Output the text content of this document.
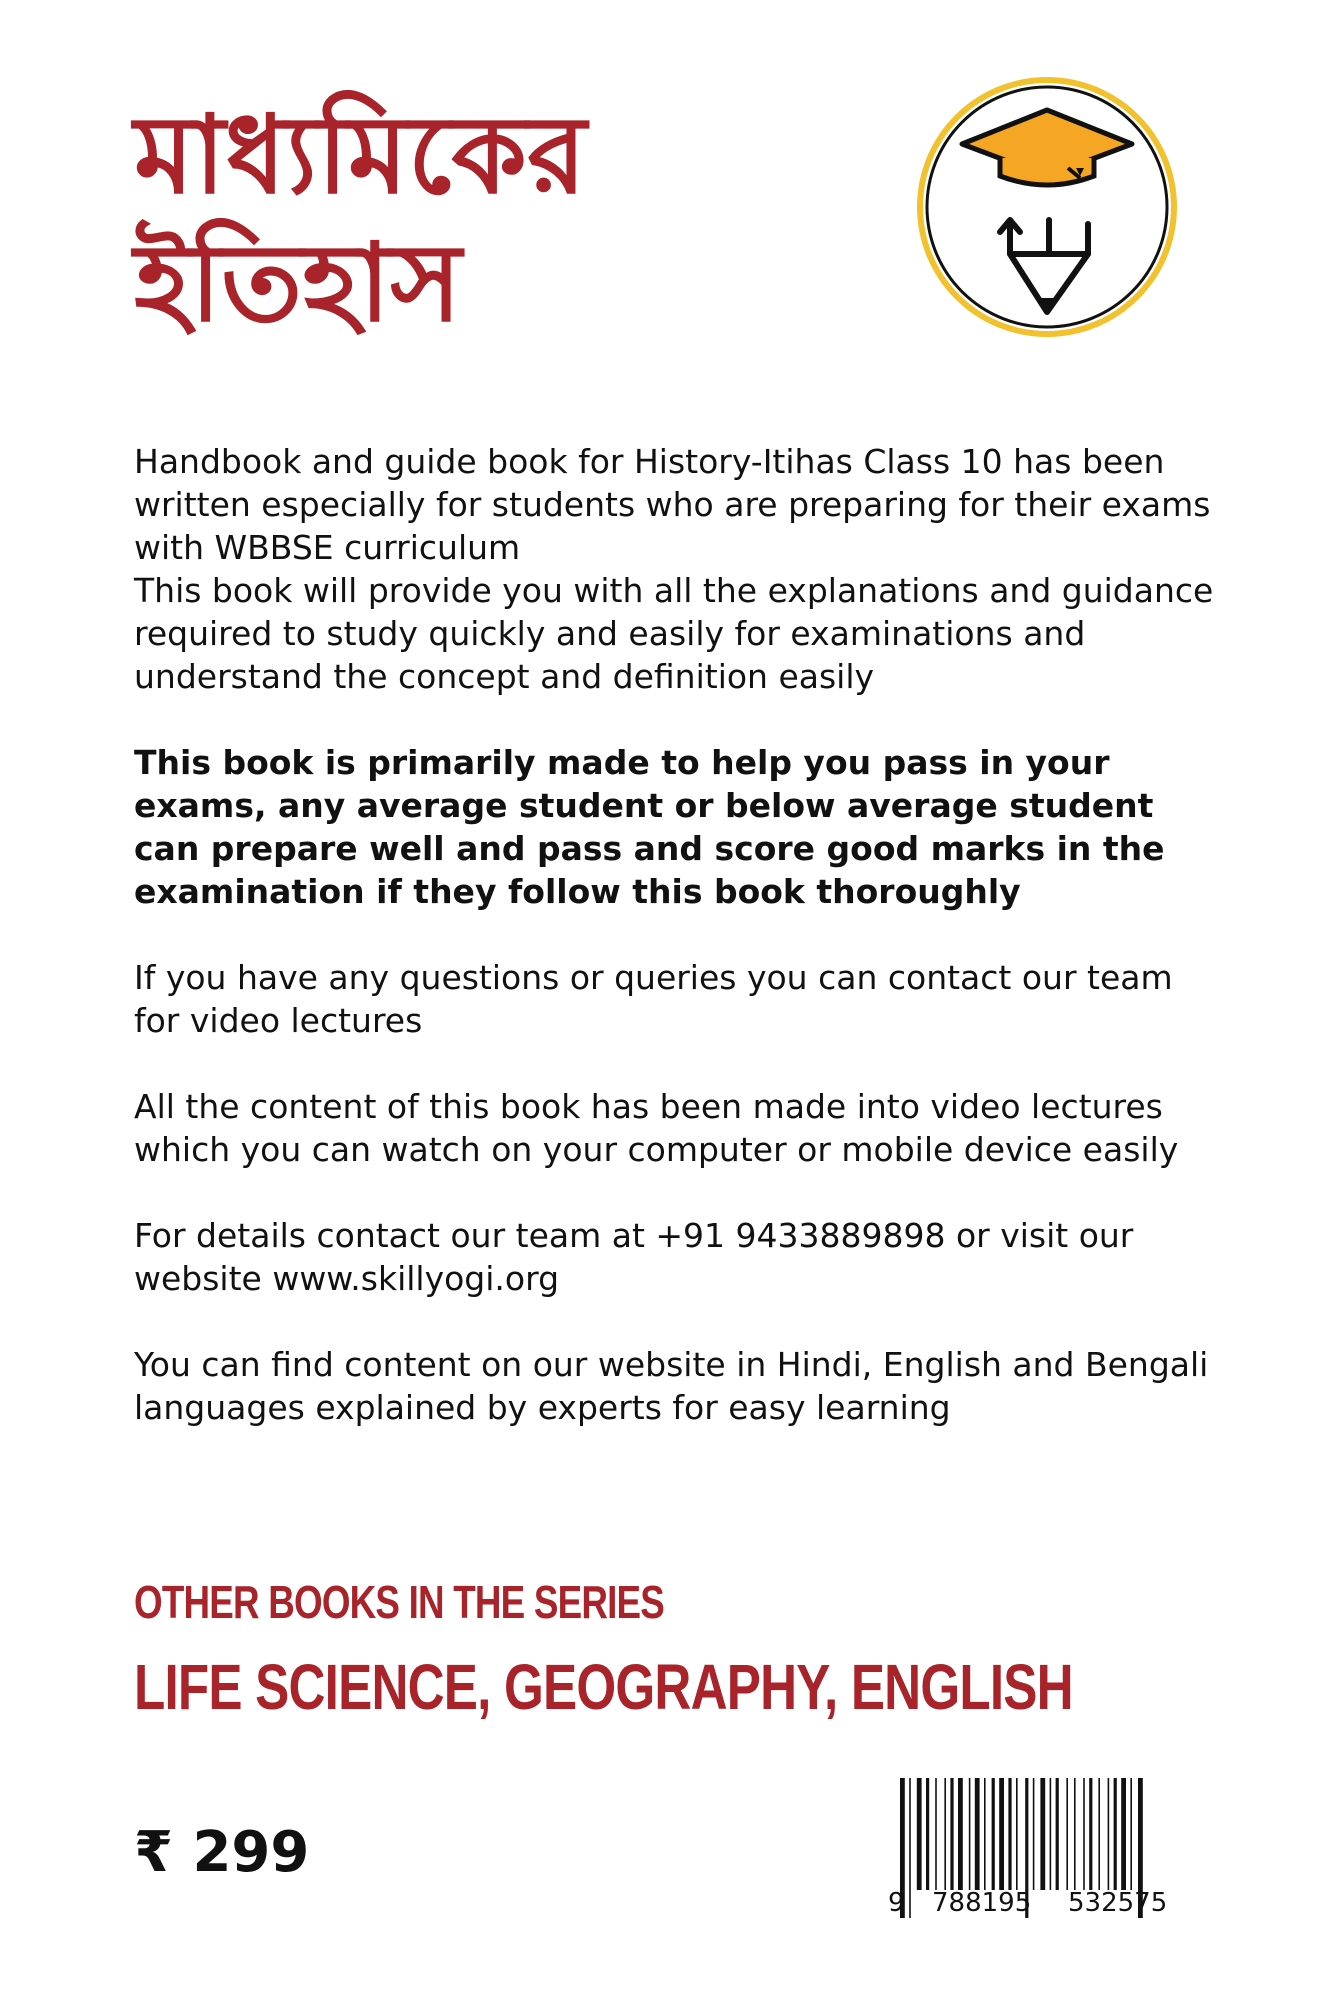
মাধ্যমিকের
ইতিহাস

Handbook and guide book for History-Itihas Class 10 has been written especially for students who are preparing for their exams with WBBSE curriculum

This book will provide you with all the explanations and guidance required to study quickly and easily for examinations and understand the concept and definition easily

This book is primarily made to help you pass in your exams, any average student or below average student can prepare well and pass and score good marks in the examination if they follow this book thoroughly

If you have any questions or queries you can contact our team for video lectures

All the content of this book has been made into video lectures which you can watch on your computer or mobile device easily

For details contact our team at +91 9433889898 or visit our website www.skillyogi.org

You can find content on our website in Hindi, English and Bengali languages explained by experts for easy learning

OTHER BOOKS IN THE SERIES
LIFE SCIENCE, GEOGRAPHY, ENGLISH
₹ 299
9 788195 532575
